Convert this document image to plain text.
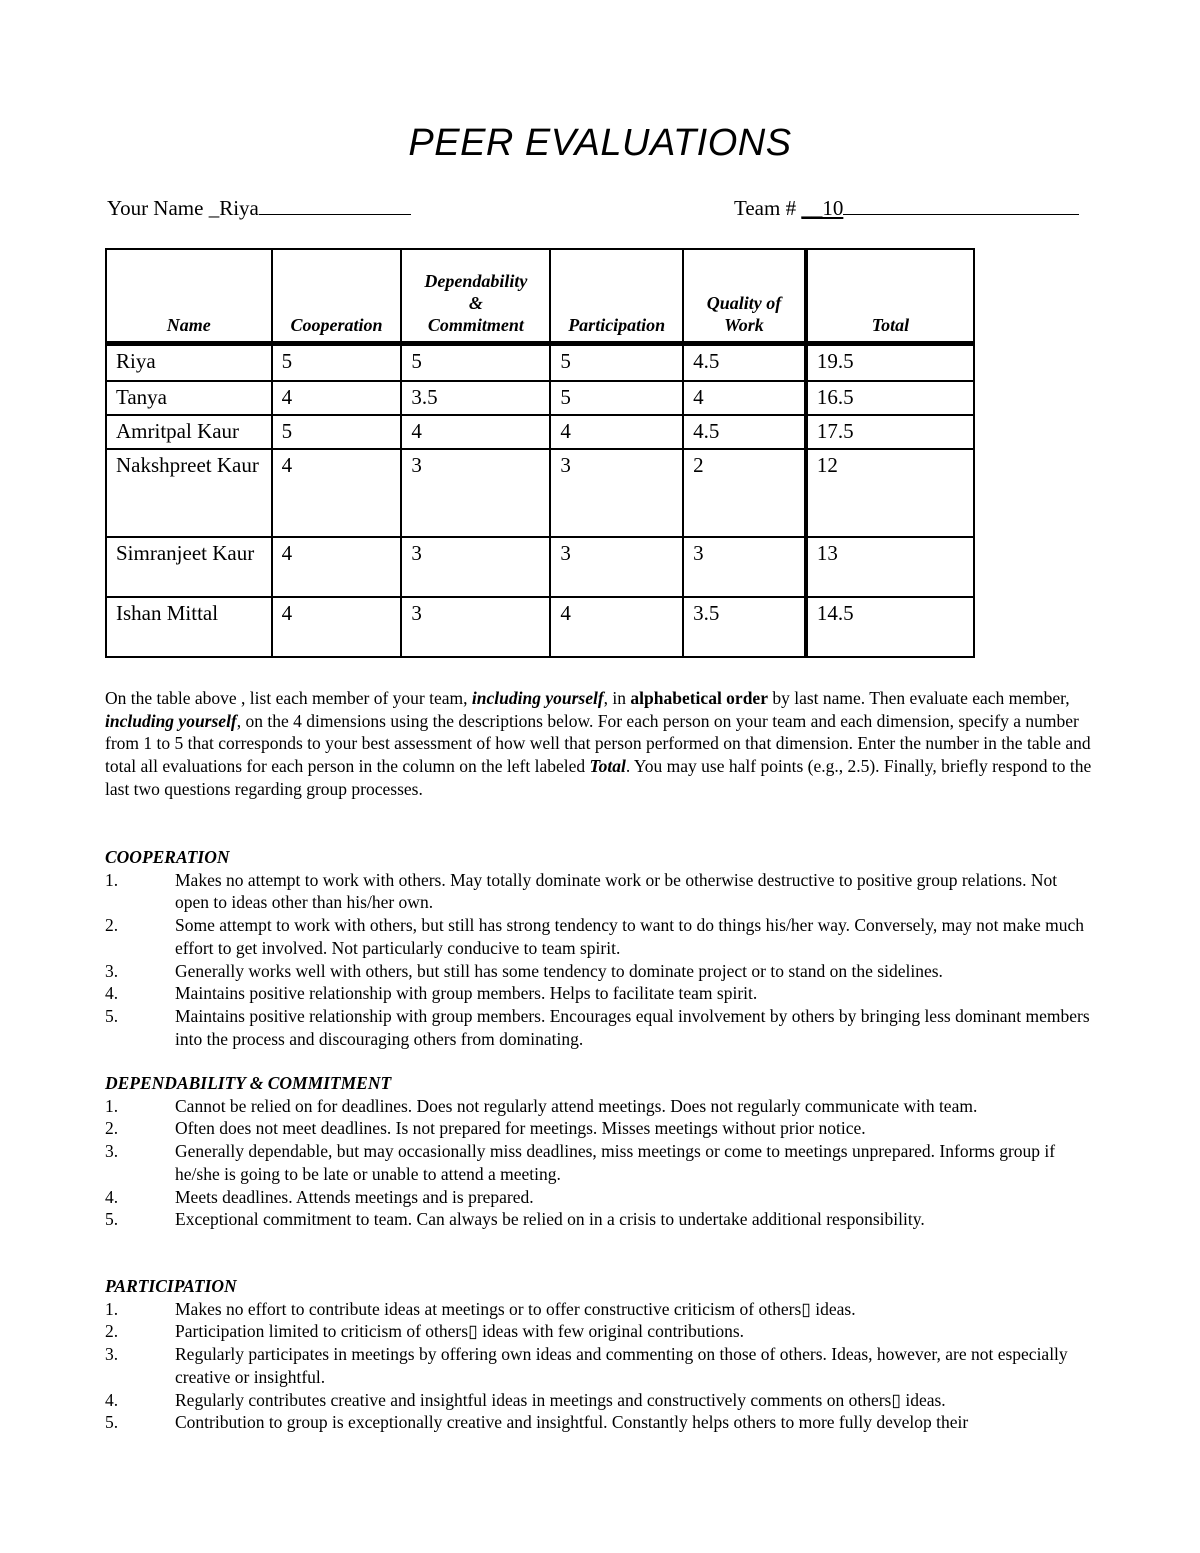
PEER EVALUATIONS
Your Name _Riya	Team # __10
Name	Cooperation	Dependability & Commitment	Participation	Quality of Work	Total
Riya	5	5	5	4.5	19.5
Tanya	4	3.5	5	4	16.5
Amritpal Kaur	5	4	4	4.5	17.5
Nakshpreet Kaur	4	3	3	2	12
Simranjeet Kaur	4	3	3	3	13
Ishan Mittal	4	3	4	3.5	14.5
On the table above , list each member of your team, including yourself, in alphabetical order by last name. Then evaluate each member, including yourself, on the 4 dimensions using the descriptions below. For each person on your team and each dimension, specify a number from 1 to 5 that corresponds to your best assessment of how well that person performed on that dimension. Enter the number in the table and total all evaluations for each person in the column on the left labeled Total. You may use half points (e.g., 2.5). Finally, briefly respond to the last two questions regarding group processes.

COOPERATION

1.	Makes no attempt to work with others. May totally dominate work or be otherwise destructive to positive group relations. Not open to ideas other than his/her own.
2.	Some attempt to work with others, but still has strong tendency to want to do things his/her way. Conversely, may not make much effort to get involved. Not particularly conducive to team spirit.
3.	Generally works well with others, but still has some tendency to dominate project or to stand on the sidelines.
4.	Maintains positive relationship with group members. Helps to facilitate team spirit.
5.	Maintains positive relationship with group members. Encourages equal involvement by others by bringing less dominant members into the process and discouraging others from dominating.

DEPENDABILITY & COMMITMENT

1.	Cannot be relied on for deadlines. Does not regularly attend meetings. Does not regularly communicate with team.
2.	Often does not meet deadlines. Is not prepared for meetings. Misses meetings without prior notice.
3.	Generally dependable, but may occasionally miss deadlines, miss meetings or come to meetings unprepared. Informs group if he/she is going to be late or unable to attend a meeting.
4.	Meets deadlines. Attends meetings and is prepared.
5.	Exceptional commitment to team. Can always be relied on in a crisis to undertake additional responsibility.

PARTICIPATION

1.	Makes no effort to contribute ideas at meetings or to offer constructive criticism of others▯ ideas.
2.	Participation limited to criticism of others▯ ideas with few original contributions.
3.	Regularly participates in meetings by offering own ideas and commenting on those of others. Ideas, however, are not especially creative or insightful.
4.	Regularly contributes creative and insightful ideas in meetings and constructively comments on others▯ ideas.
5.	Contribution to group is exceptionally creative and insightful. Constantly helps others to more fully develop their
